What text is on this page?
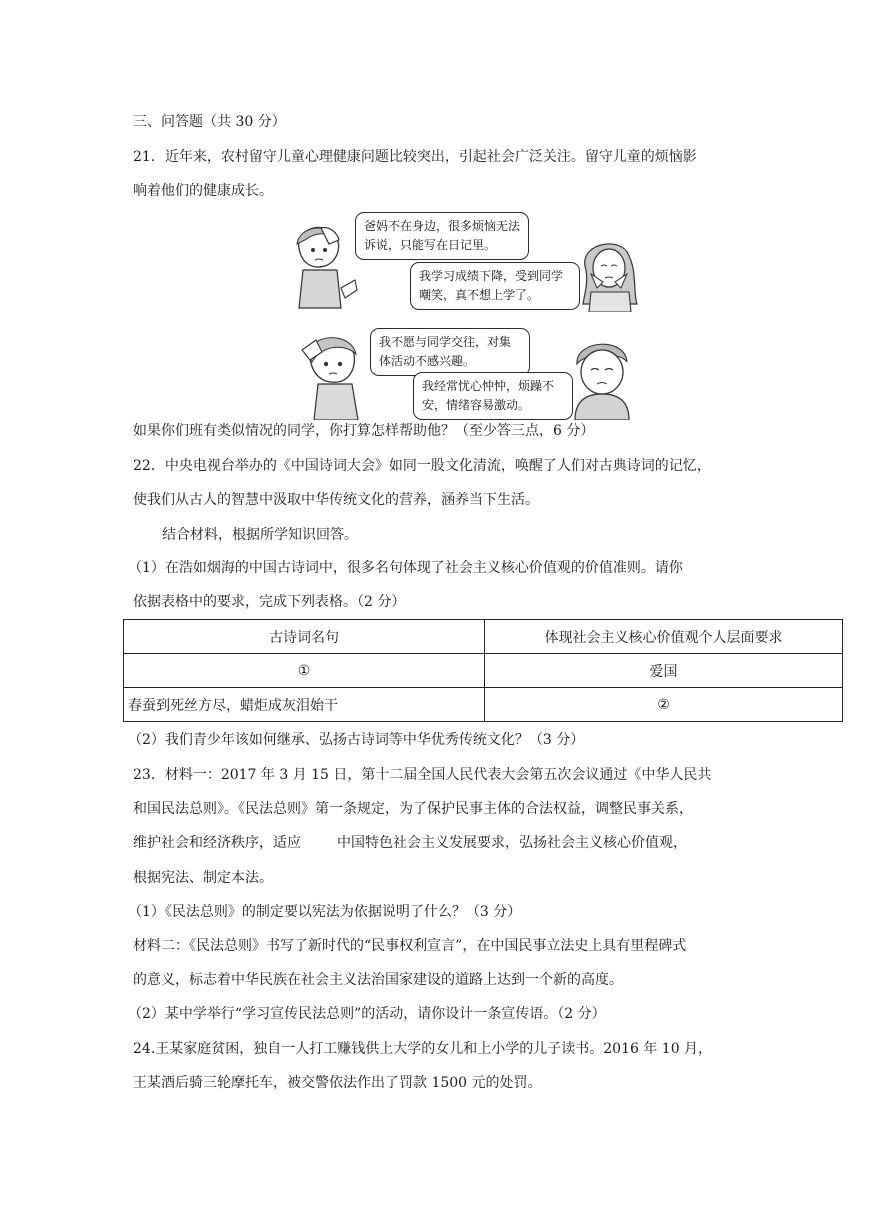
三、问答题（共 30 分）
21．近年来，农村留守儿童心理健康问题比较突出，引起社会广泛关注。留守儿童的烦恼影
响着他们的健康成长。
爸妈不在身边，很多烦恼无法诉说，只能写在日记里。
我学习成绩下降，受到同学嘲笑，真不想上学了。
我不愿与同学交往，对集体活动不感兴趣。
我经常忧心忡忡，烦躁不安，情绪容易激动。
如果你们班有类似情况的同学，你打算怎样帮助他？（至少答三点，6 分）
22．中央电视台举办的《中国诗词大会》如同一股文化清流，唤醒了人们对古典诗词的记忆，
使我们从古人的智慧中汲取中华传统文化的营养，涵养当下生活。
结合材料，根据所学知识回答。
（1）在浩如烟海的中国古诗词中，很多名句体现了社会主义核心价值观的价值准则。请你
依据表格中的要求，完成下列表格。（2 分）
古诗词名句	体现社会主义核心价值观个人层面要求
①	爱国
春蚕到死丝方尽，蜡炬成灰泪始干	②
（2）我们青少年该如何继承、弘扬古诗词等中华优秀传统文化？（3 分）
23．材料一：2017 年 3 月 15 日，第十二届全国人民代表大会第五次会议通过《中华人民共
和国民法总则》。《民法总则》第一条规定，为了保护民事主体的合法权益，调整民事关系，
维护社会和经济秩序，适应	中国特色社会主义发展要求，弘扬社会主义核心价值观，
根据宪法、制定本法。
（1）《民法总则》的制定要以宪法为依据说明了什么？（3 分）
材料二：《民法总则》书写了新时代的“民事权利宣言”，在中国民事立法史上具有里程碑式
的意义，标志着中华民族在社会主义法治国家建设的道路上达到一个新的高度。
（2）某中学举行“学习宣传民法总则”的活动，请你设计一条宣传语。（2 分）
24.王某家庭贫困，独自一人打工赚钱供上大学的女儿和上小学的儿子读书。2016 年 10 月，
王某酒后骑三轮摩托车，被交警依法作出了罚款 1500 元的处罚。
